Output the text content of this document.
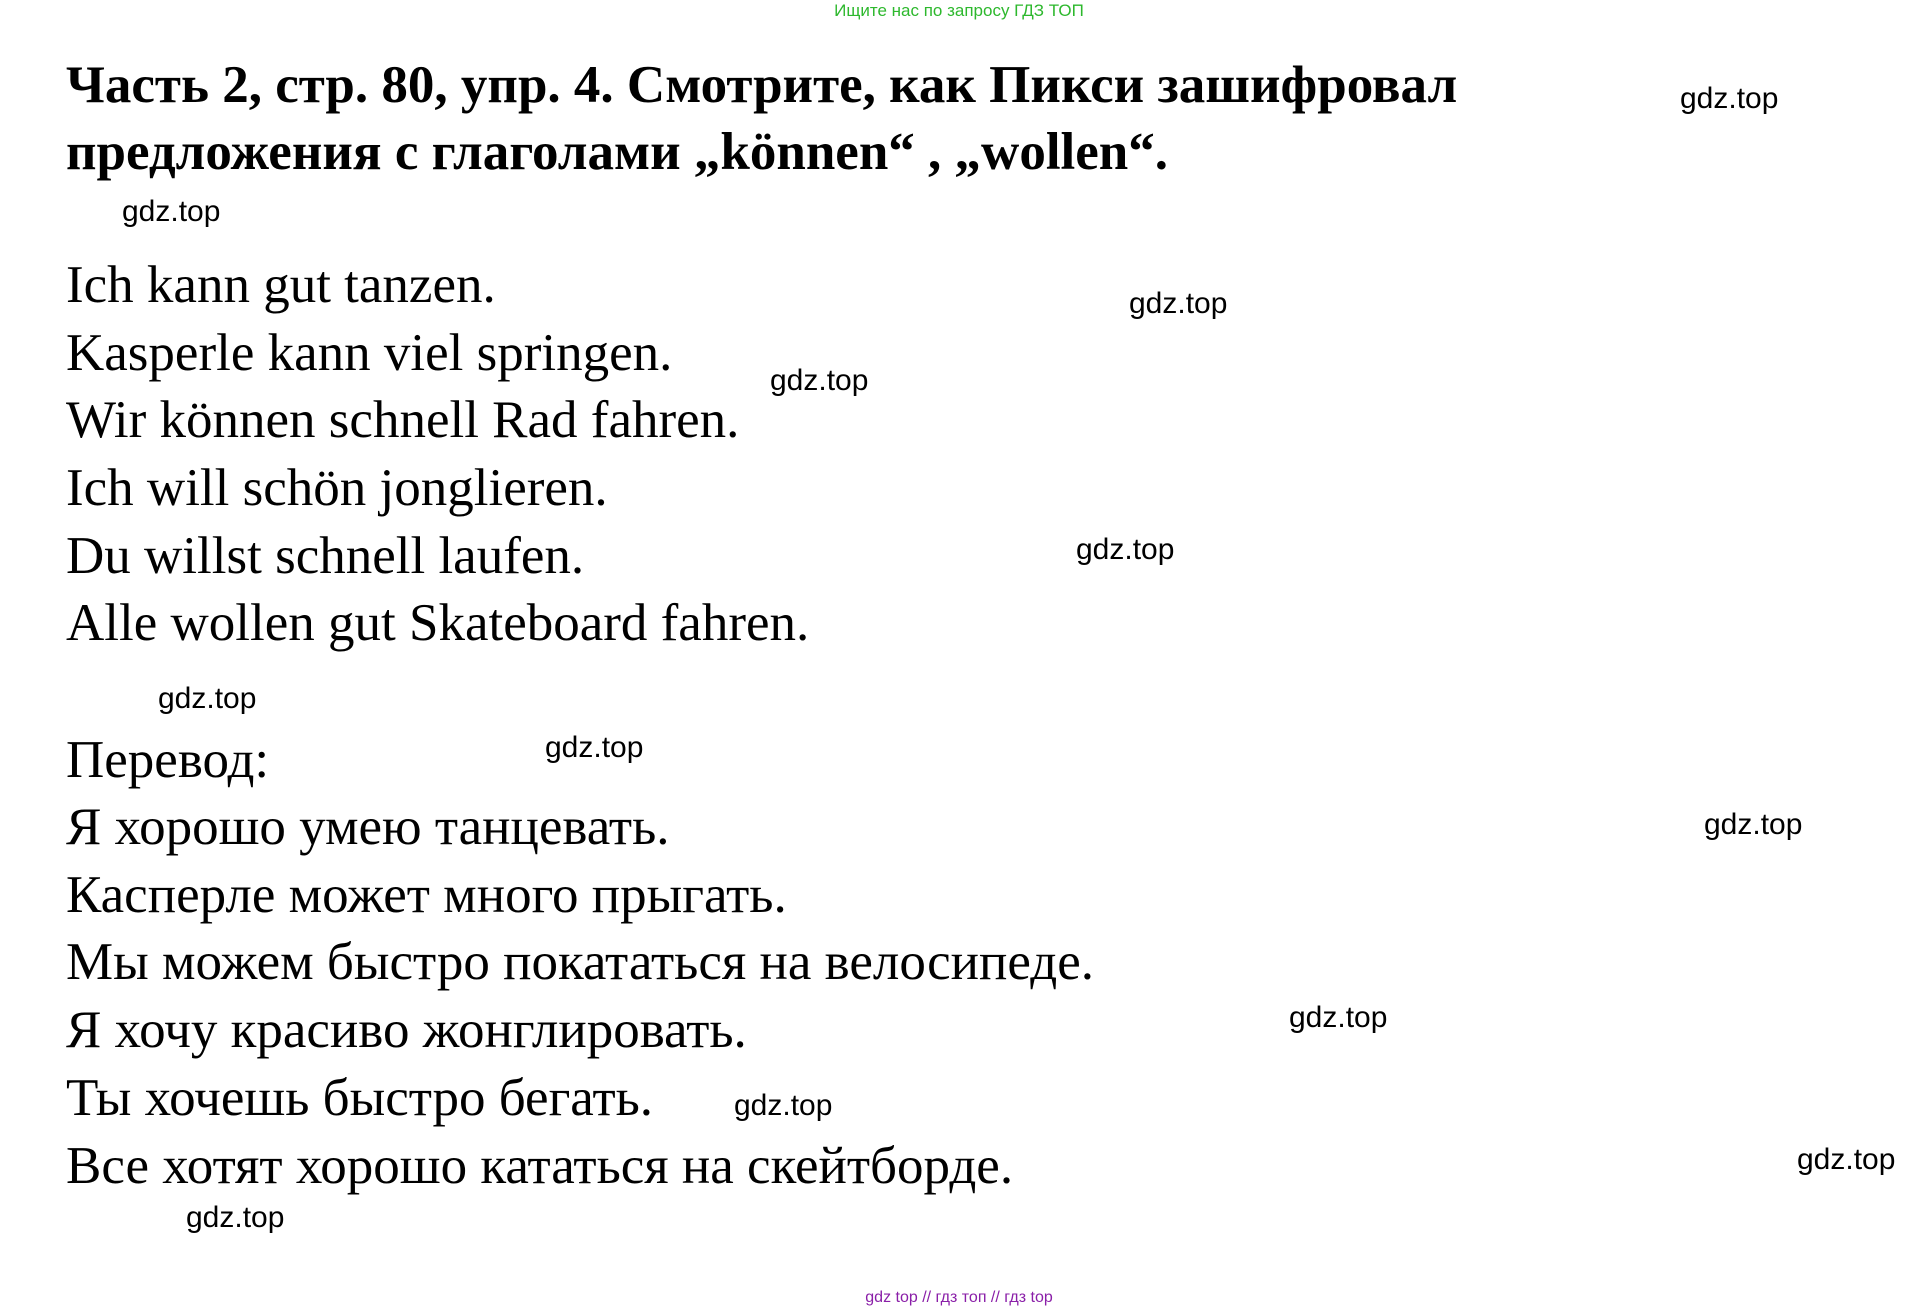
Ищите нас по запросу ГДЗ ТОП
Часть 2, стр. 80, упр. 4. Смотрите, как Пикси зашифровал предложения с глаголами „können“ , „wollen“.

Ich kann gut tanzen.

Kasperle kann viel springen.

Wir können schnell Rad fahren.

Ich will schön jonglieren.

Du willst schnell laufen.

Alle wollen gut Skateboard fahren.

Перевод:

Я хорошо умею танцевать.

Касперле может много прыгать.

Мы можем быстро покататься на велосипеде.

Я хочу красиво жонглировать.

Ты хочешь быстро бегать.

Все хотят хорошо кататься на скейтборде.

gdz.top
gdz.top
gdz.top
gdz.top
gdz.top
gdz.top
gdz.top
gdz.top
gdz.top
gdz.top
gdz.top
gdz.top
gdz top // гдз топ // гдз top
